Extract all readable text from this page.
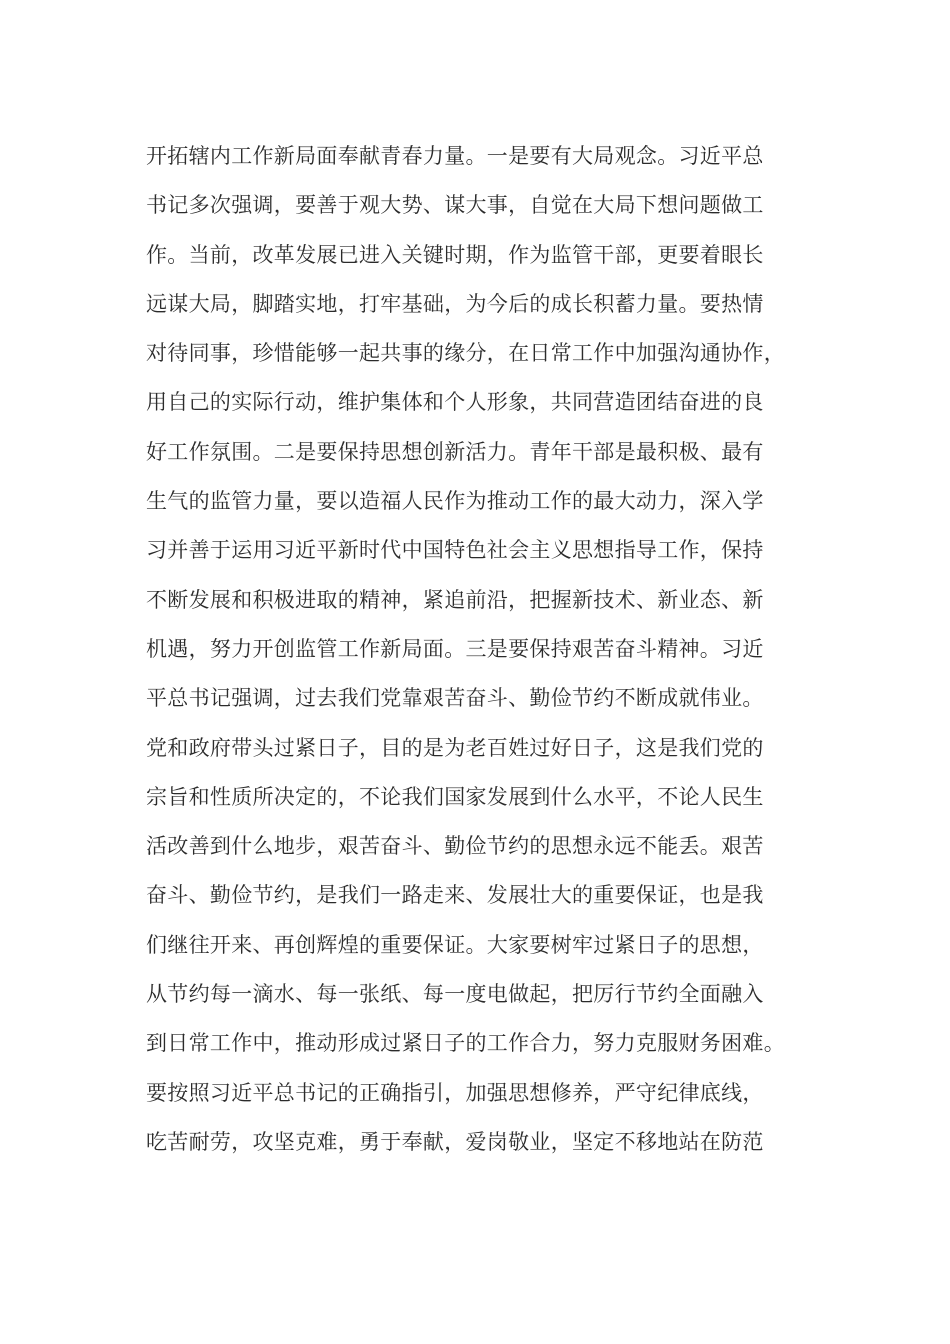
开拓辖内工作新局面奉献青春力量。一是要有大局观念。习近平总
书记多次强调，要善于观大势、谋大事，自觉在大局下想问题做工
作。当前，改革发展已进入关键时期，作为监管干部，更要着眼长
远谋大局，脚踏实地，打牢基础，为今后的成长积蓄力量。要热情
对待同事，珍惜能够一起共事的缘分，在日常工作中加强沟通协作，
用自己的实际行动，维护集体和个人形象，共同营造团结奋进的良
好工作氛围。二是要保持思想创新活力。青年干部是最积极、最有
生气的监管力量，要以造福人民作为推动工作的最大动力，深入学
习并善于运用习近平新时代中国特色社会主义思想指导工作，保持
不断发展和积极进取的精神，紧追前沿，把握新技术、新业态、新
机遇，努力开创监管工作新局面。三是要保持艰苦奋斗精神。习近
平总书记强调，过去我们党靠艰苦奋斗、勤俭节约不断成就伟业。
党和政府带头过紧日子，目的是为老百姓过好日子，这是我们党的
宗旨和性质所决定的，不论我们国家发展到什么水平，不论人民生
活改善到什么地步，艰苦奋斗、勤俭节约的思想永远不能丢。艰苦
奋斗、勤俭节约，是我们一路走来、发展壮大的重要保证，也是我
们继往开来、再创辉煌的重要保证。大家要树牢过紧日子的思想，
从节约每一滴水、每一张纸、每一度电做起，把厉行节约全面融入
到日常工作中，推动形成过紧日子的工作合力，努力克服财务困难。
要按照习近平总书记的正确指引，加强思想修养，严守纪律底线，
吃苦耐劳，攻坚克难，勇于奉献，爱岗敬业，坚定不移地站在防范
